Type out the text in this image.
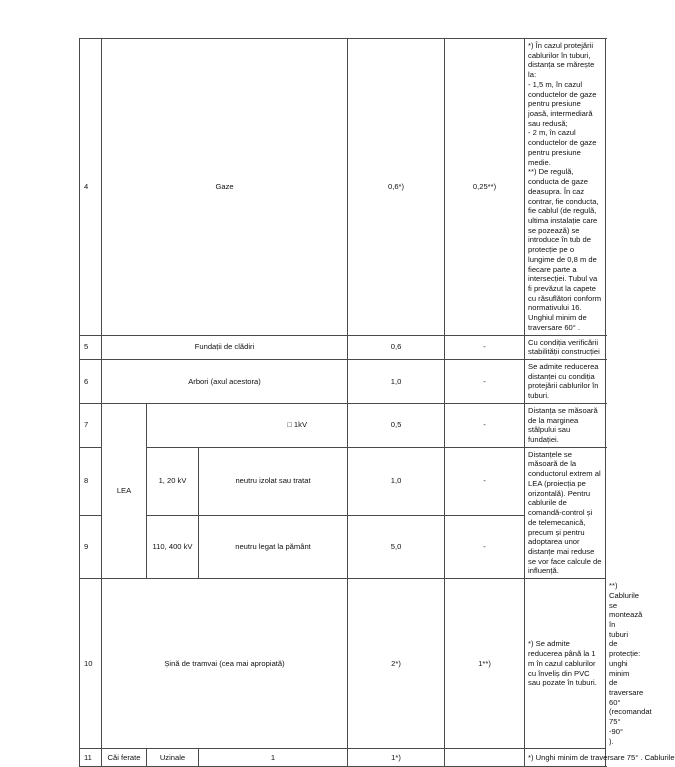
4	Gaze			0,6*)	0,25**)	*) În cazul protejării cablurilor în tuburi, distanța se mărește la:
- 1,5 m, în cazul conductelor de gaze pentru presiune joasă, intermediară sau redusă;
- 2 m, în cazul conductelor de gaze pentru presiune medie.
**) De regulă, conducta de gaze deasupra. În caz contrar, fie conducta, fie cablul (de regulă, ultima instalație care se pozează) se introduce în tub de protecție pe o lungime de 0,8 m de fiecare parte a intersecției. Tubul va fi prevăzut la capete cu răsuflători conform normativului 16. Unghiul minim de traversare 60° .	
5	Fundații de clădiri			0,6	-	Cu condiția verificării stabilității construcției	
6	Arbori (axul acestora)			1,0	-	Se admite reducerea distanței cu condiția protejării cablurilor în tuburi.	
7	LEA	□ 1kV		0,5	-	Distanța se măsoară de la marginea stâlpului sau fundației.	
8		1, 20 kV	neutru izolat sau tratat	1,0	-	Distanțele se măsoară de la conductorul extrem al LEA (proiecția pe orizontală). Pentru cablurile de comandă-control și de telemecanică, precum și pentru adoptarea unor distanțe mai reduse se vor face calcule de influență.	
9		110, 400 kV	neutru legat la pământ	5,0	-		
10	Șină de tramvai (cea mai apropiată)			2*)	1**)	*) Se admite reducerea până la 1 m în cazul cablurilor cu înveliș din PVC sau pozate în tuburi.	**) Cablurile se montează în tuburi de protecție: unghi minim de traversare 60° (recomandat 75° -90° ).
11	Căi ferate	Uzinale	1	1*)		*) Unghi minim de traversare 75° . Cablurile	
